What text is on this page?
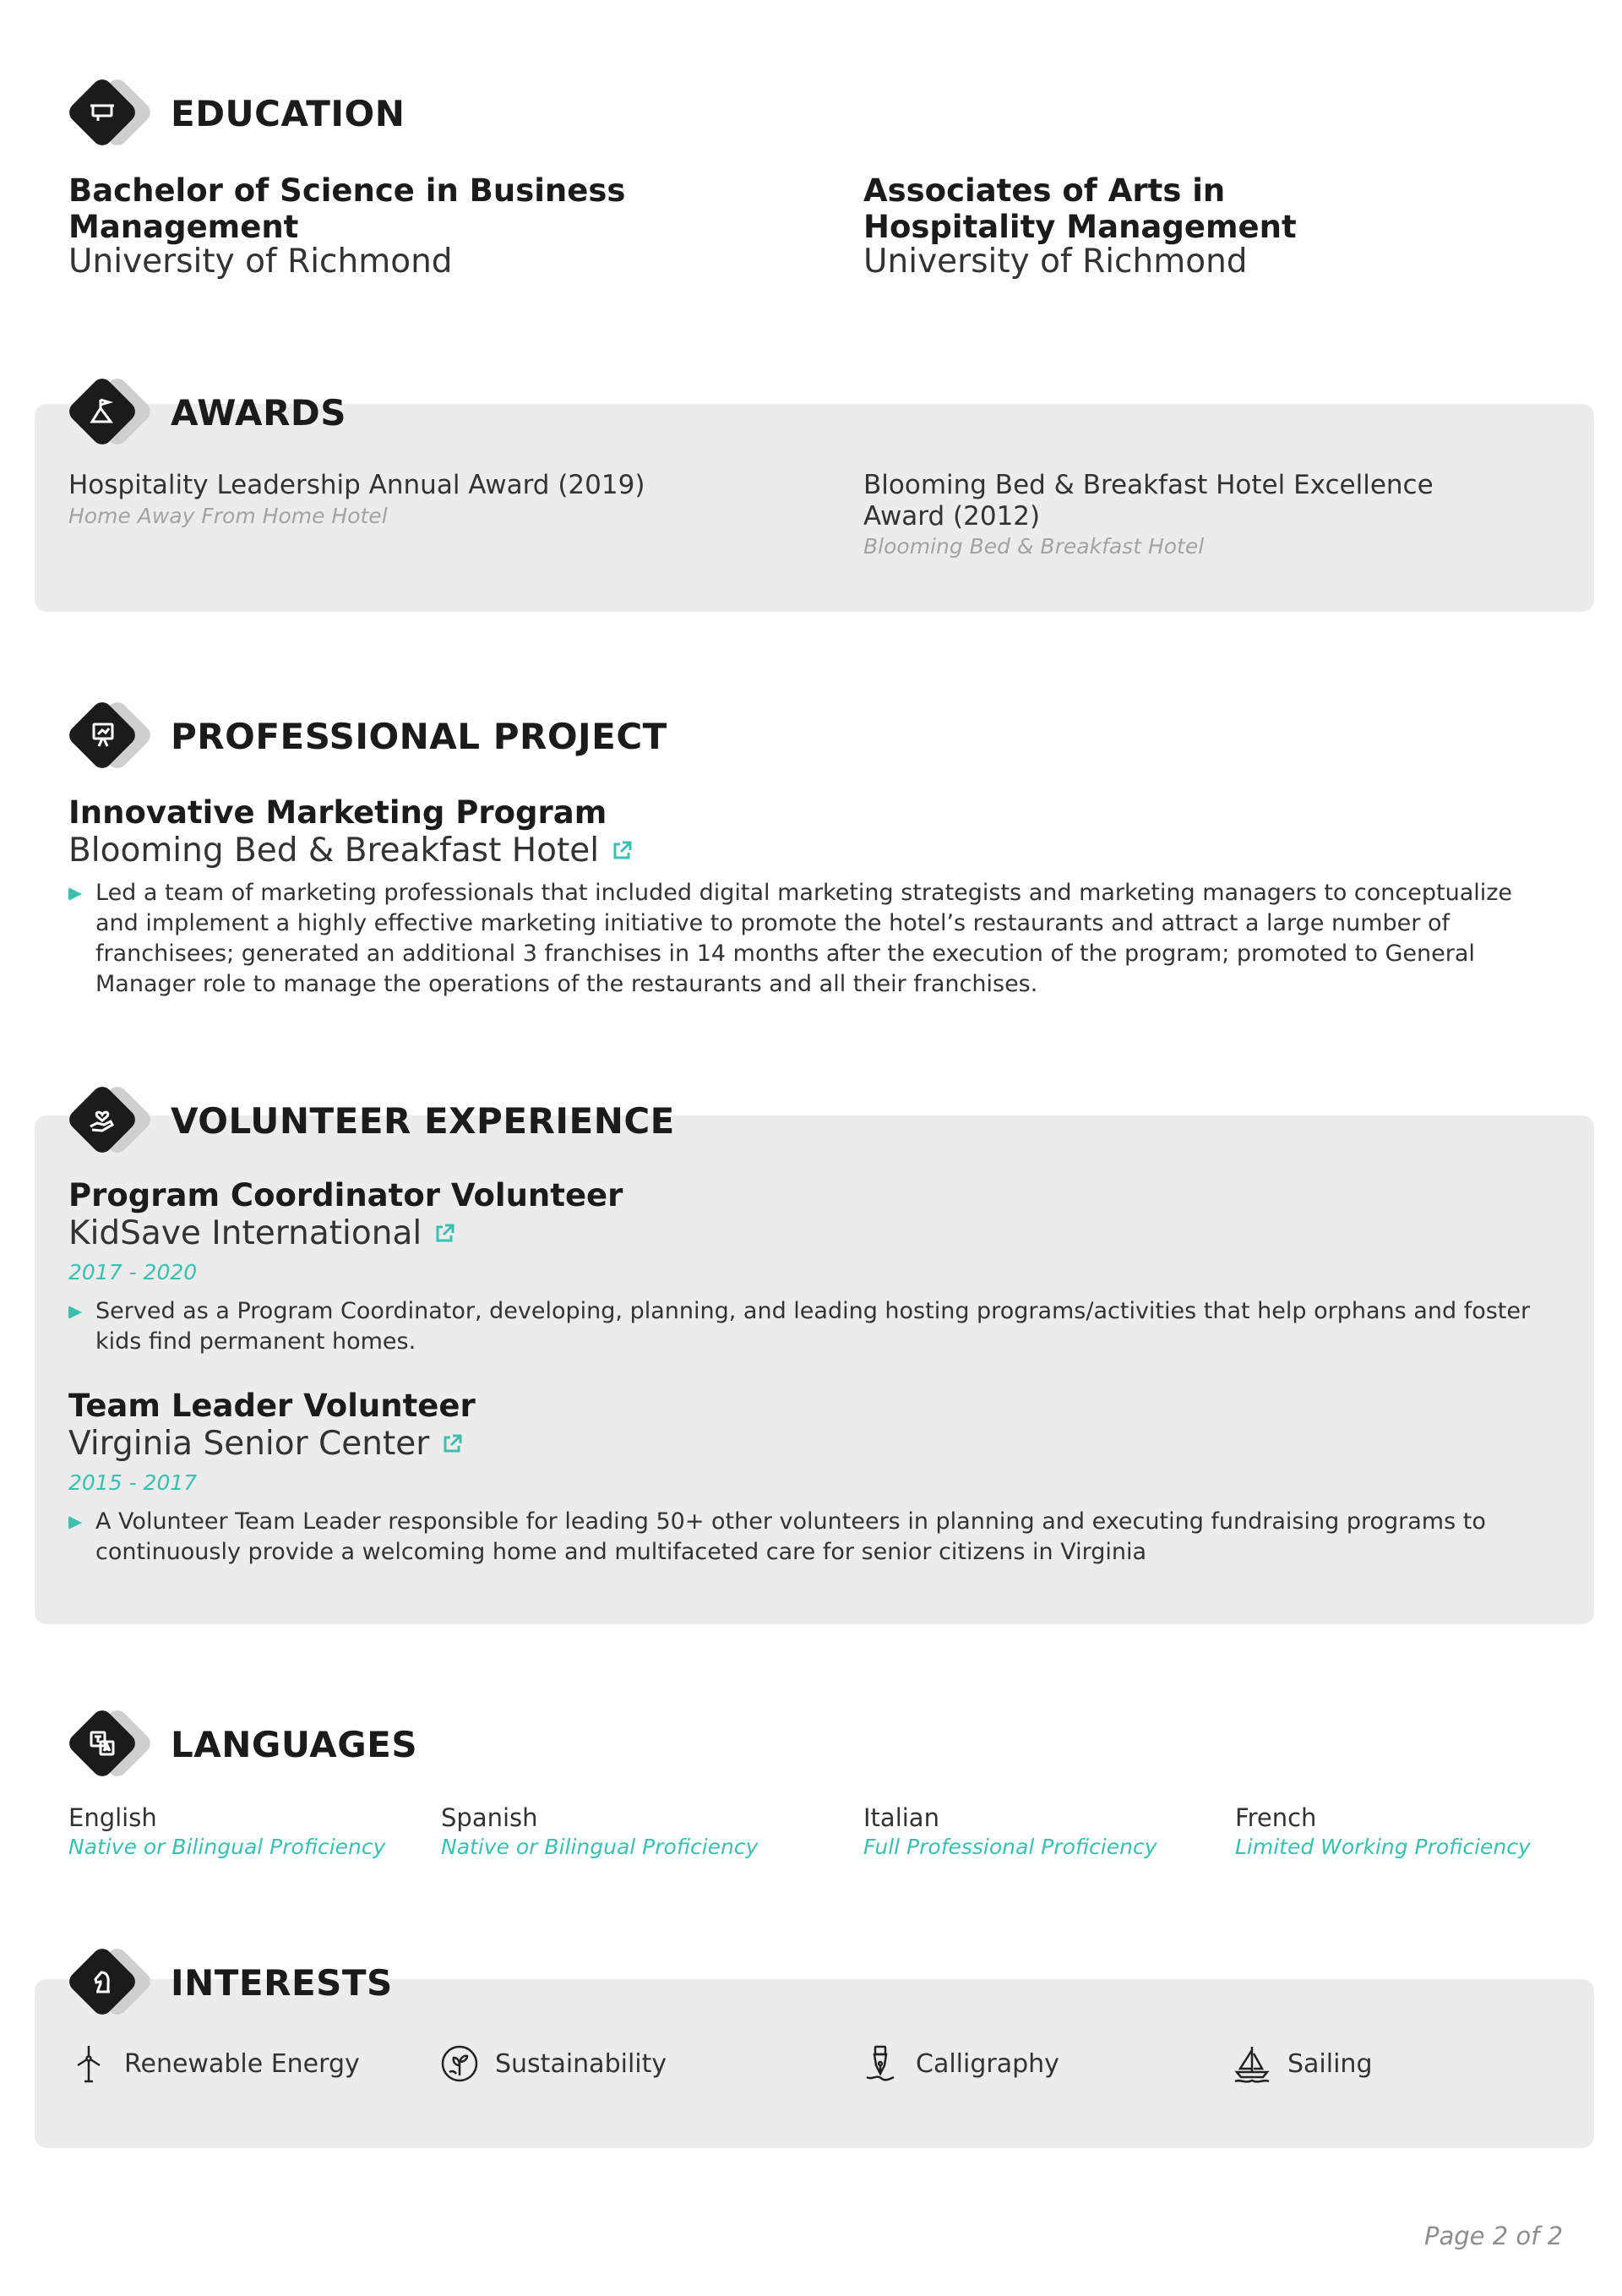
EDUCATION
Bachelor of Science in Business Management
University of Richmond
Associates of Arts in Hospitality Management
University of Richmond
AWARDS
Hospitality Leadership Annual Award (2019)
Home Away From Home Hotel
Blooming Bed & Breakfast Hotel Excellence Award (2012)
Blooming Bed & Breakfast Hotel
PROFESSIONAL PROJECT
Innovative Marketing Program
Blooming Bed & Breakfast Hotel
Led a team of marketing professionals that included digital marketing strategists and marketing managers to conceptualize and implement a highly effective marketing initiative to promote the hotel’s restaurants and attract a large number of franchisees; generated an additional 3 franchises in 14 months after the execution of the program; promoted to General Manager role to manage the operations of the restaurants and all their franchises.
VOLUNTEER EXPERIENCE
Program Coordinator Volunteer
KidSave International
2017 - 2020
Served as a Program Coordinator, developing, planning, and leading hosting programs/activities that help orphans and foster kids find permanent homes.
Team Leader Volunteer
Virginia Senior Center
2015 - 2017
A Volunteer Team Leader responsible for leading 50+ other volunteers in planning and executing fundraising programs to continuously provide a welcoming home and multifaceted care for senior citizens in Virginia
LANGUAGES
English
Native or Bilingual Proficiency
Spanish
Native or Bilingual Proficiency
Italian
Full Professional Proficiency
French
Limited Working Proficiency
INTERESTS
Renewable Energy	Sustainability	Calligraphy	Sailing
Page 2 of 2
